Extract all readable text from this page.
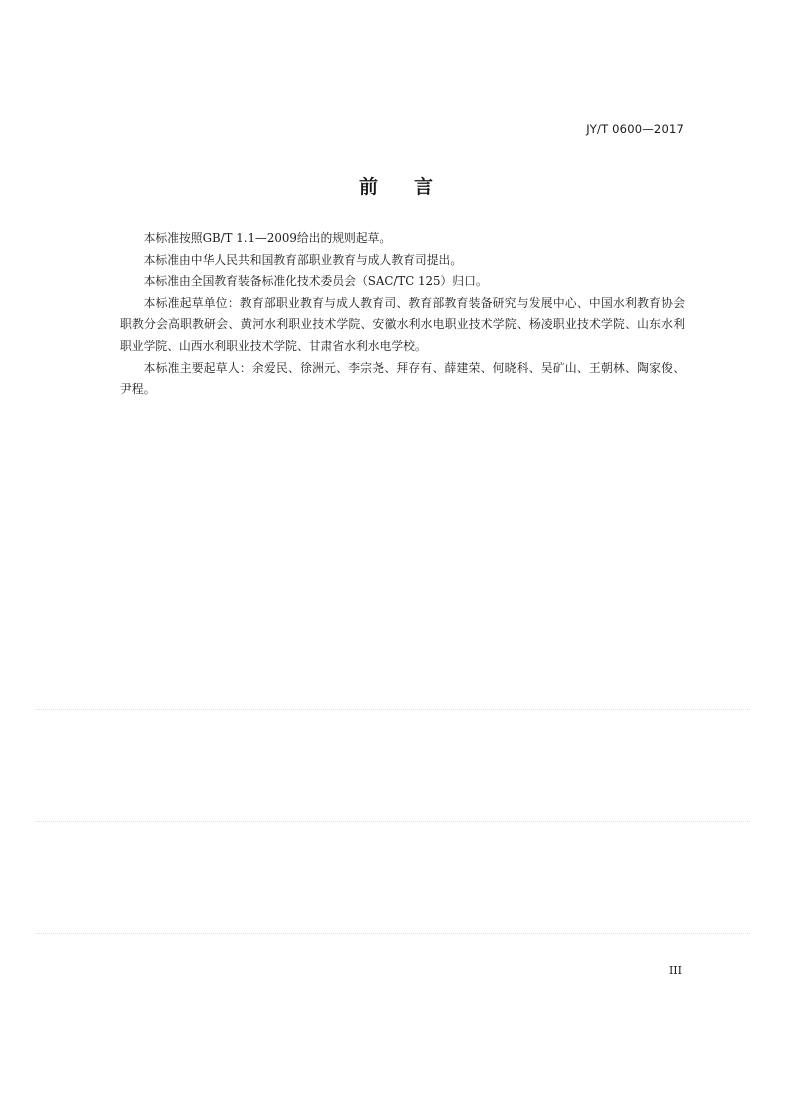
JY/T 0600—2017
前言

本标准按照GB/T 1.1—2009给出的规则起草。

本标准由中华人民共和国教育部职业教育与成人教育司提出。

本标准由全国教育装备标准化技术委员会（SAC/TC 125）归口。

本标准起草单位：教育部职业教育与成人教育司、教育部教育装备研究与发展中心、中国水利教育协会职教分会高职教研会、黄河水利职业技术学院、安徽水利水电职业技术学院、杨凌职业技术学院、山东水利职业学院、山西水利职业技术学院、甘肃省水利水电学校。

本标准主要起草人：余爱民、徐洲元、李宗尧、拜存有、薛建荣、何晓科、吴矿山、王朝林、陶家俊、尹程。

III
